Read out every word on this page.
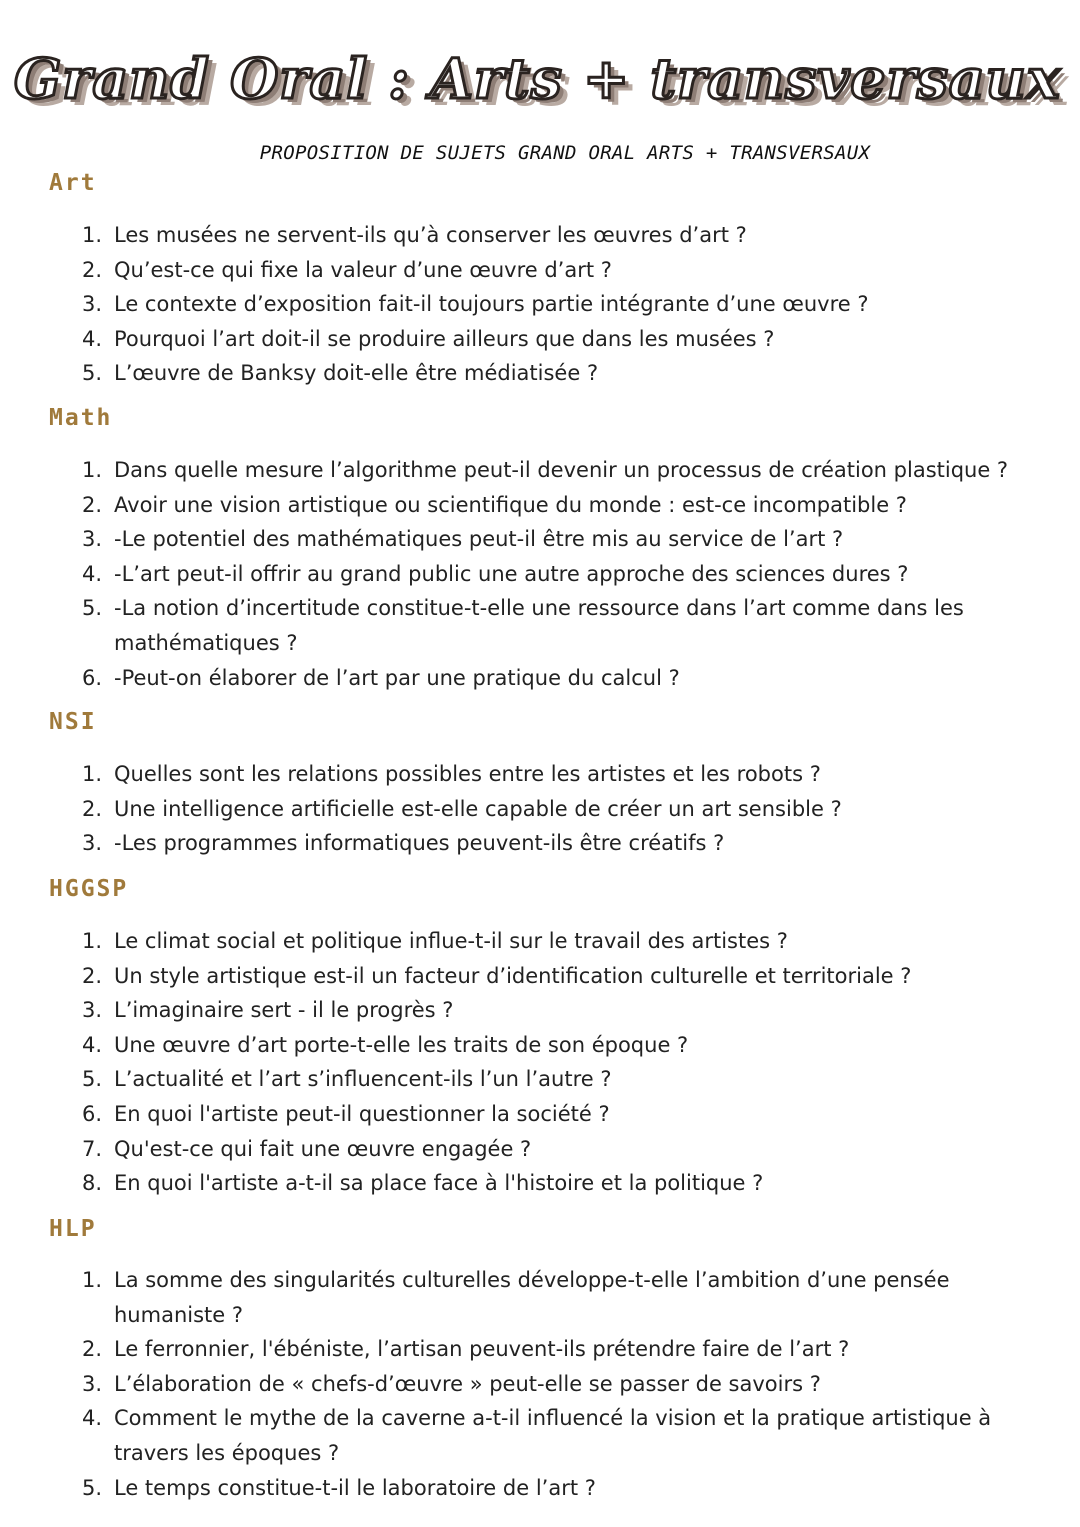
Grand Oral : Arts + transversaux
PROPOSITION DE SUJETS GRAND ORAL ARTS + TRANSVERSAUX
Art
1. Les musées ne servent-ils qu’à conserver les œuvres d’art ?
2. Qu’est-ce qui fixe la valeur d’une œuvre d’art ?
3. Le contexte d’exposition fait-il toujours partie intégrante d’une œuvre ?
4. Pourquoi l’art doit-il se produire ailleurs que dans les musées ?
5. L’œuvre de Banksy doit-elle être médiatisée ?
Math
1. Dans quelle mesure l’algorithme peut-il devenir un processus de création plastique ?
2. Avoir une vision artistique ou scientifique du monde : est-ce incompatible ?
3. -Le potentiel des mathématiques peut-il être mis au service de l’art ?
4. -L’art peut-il offrir au grand public une autre approche des sciences dures ?
5. -La notion d’incertitude constitue-t-elle une ressource dans l’art comme dans les mathématiques ?
6. -Peut-on élaborer de l’art par une pratique du calcul ?
NSI
1. Quelles sont les relations possibles entre les artistes et les robots ?
2. Une intelligence artificielle est-elle capable de créer un art sensible ?
3. -Les programmes informatiques peuvent-ils être créatifs ?
HGGSP
1. Le climat social et politique influe-t-il sur le travail des artistes ?
2. Un style artistique est-il un facteur d’identification culturelle et territoriale ?
3. L’imaginaire sert - il le progrès ?
4. Une œuvre d’art porte-t-elle les traits de son époque ?
5. L’actualité et l’art s’influencent-ils l’un l’autre ?
6. En quoi l'artiste peut-il questionner la société ?
7. Qu'est-ce qui fait une œuvre engagée ?
8. En quoi l'artiste a-t-il sa place face à l'histoire et la politique ?
HLP
1. La somme des singularités culturelles développe-t-elle l’ambition d’une pensée humaniste ?
2. Le ferronnier, l'ébéniste, l’artisan peuvent-ils prétendre faire de l’art ?
3. L’élaboration de « chefs-d’œuvre » peut-elle se passer de savoirs ?
4. Comment le mythe de la caverne a-t-il influencé la vision et la pratique artistique à travers les époques ?
5. Le temps constitue-t-il le laboratoire de l’art ?
